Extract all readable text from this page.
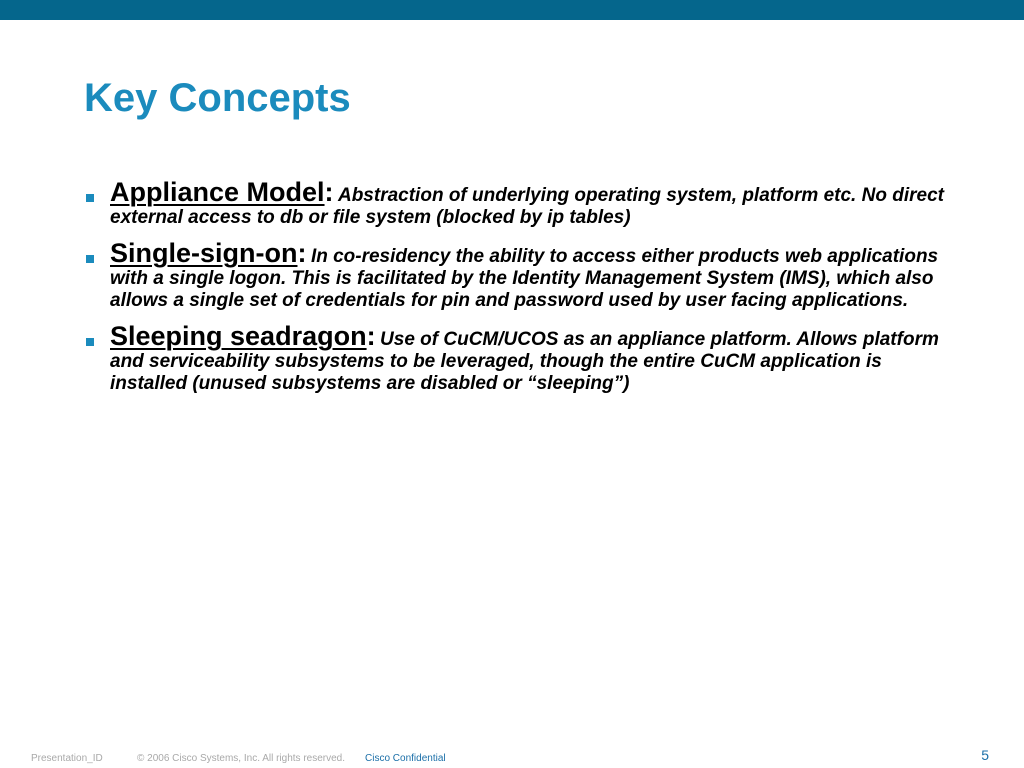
Key Concepts

Appliance Model: Abstraction of underlying operating system, platform etc. No direct external access to db or file system (blocked by ip tables)

Single-sign-on: In co-residency the ability to access either products web applications with a single logon. This is facilitated by the Identity Management System (IMS), which also allows a single set of credentials for pin and password used by user facing applications.

Sleeping seadragon: Use of CuCM/UCOS as an appliance platform. Allows platform and serviceability subsystems to be leveraged, though the entire CuCM application is installed (unused subsystems are disabled or “sleeping”)

Presentation_ID	© 2006 Cisco Systems, Inc. All rights reserved. Cisco Confidential	5
